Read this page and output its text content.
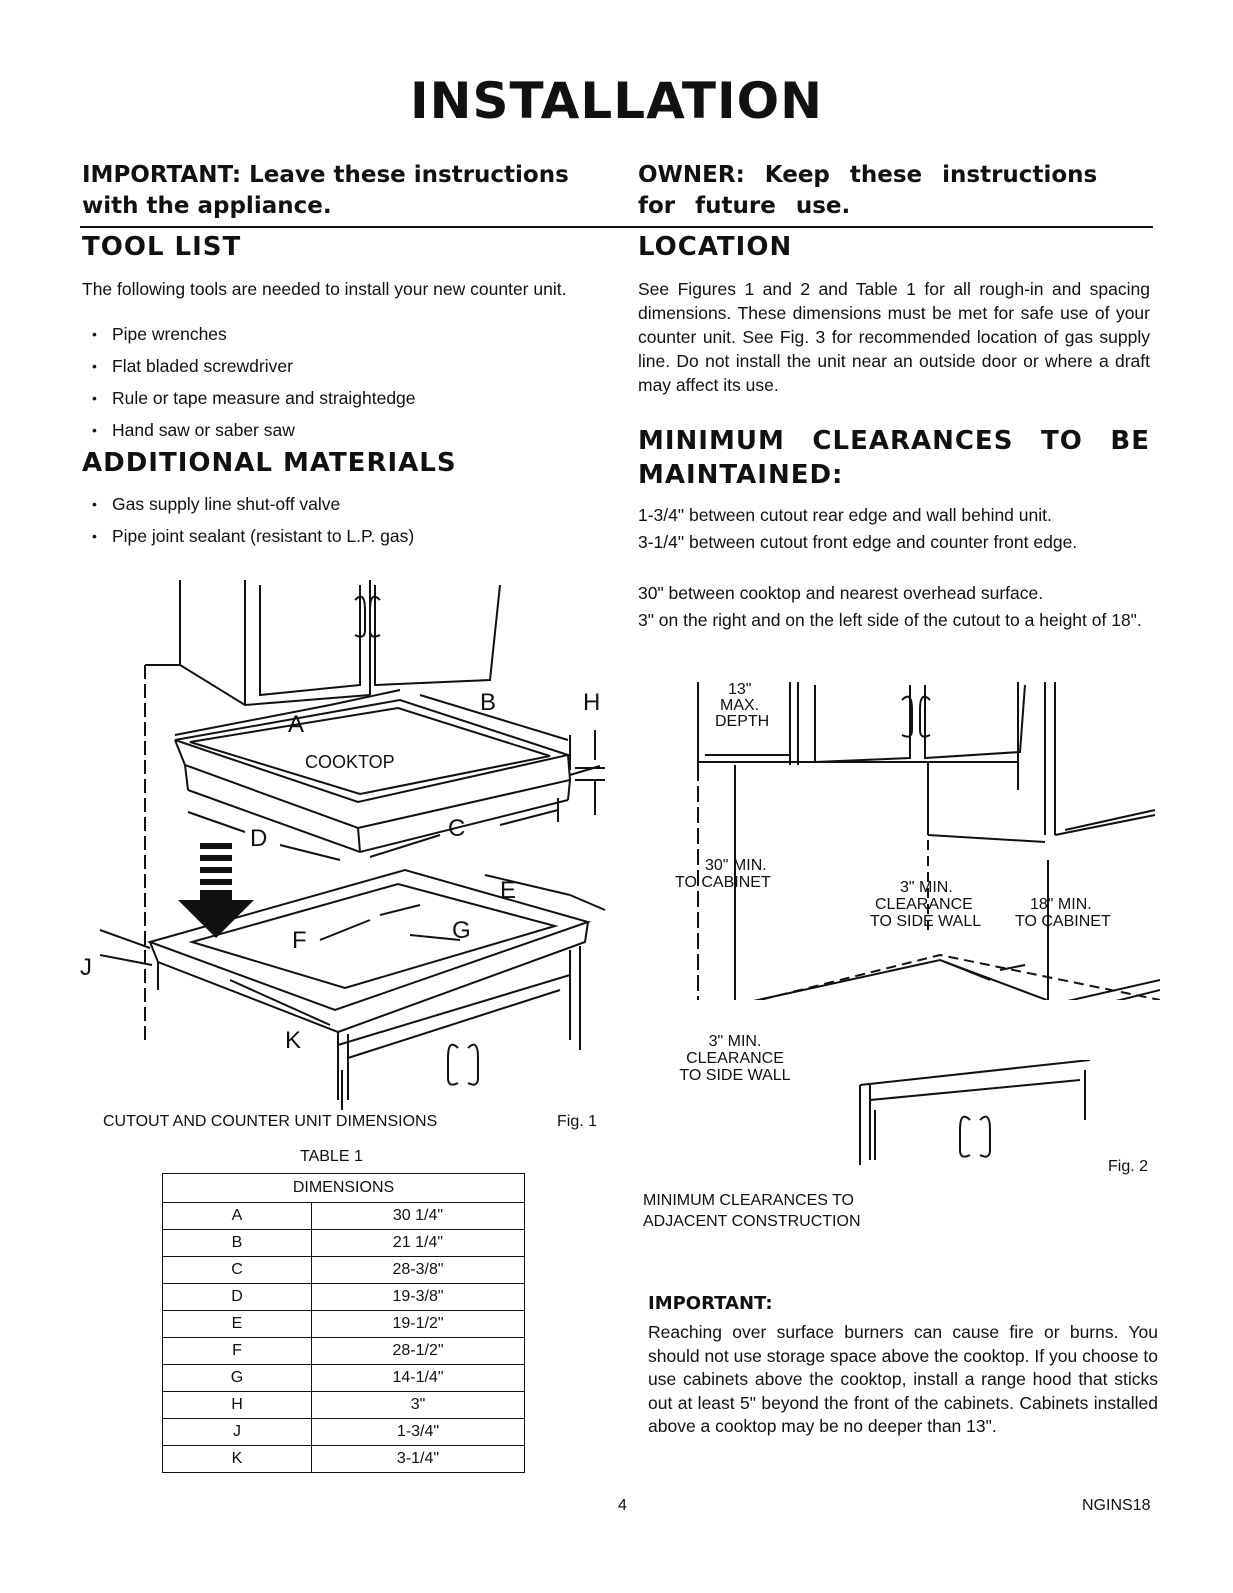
INSTALLATION
IMPORTANT: Leave these instructions with the appliance.
OWNER: Keep these instructions for future use.
TOOL LIST
The following tools are needed to install your new counter unit.
• Pipe wrenches
• Flat bladed screwdriver
• Rule or tape measure and straightedge
• Hand saw or saber saw
ADDITIONAL MATERIALS
• Gas supply line shut-off valve
• Pipe joint sealant (resistant to L.P. gas)
A
B	H
D	C
E
F	G
J
K
COOKTOP
CUTOUT AND COUNTER UNIT DIMENSIONS	Fig. 1
TABLE 1
DIMENSIONS	
A	30 1/4"
B	21 1/4"
C	28-3/8"
D	19-3/8"
E	19-1/2"
F	28-1/2"
G	14-1/4"
H	3"
J	1-3/4"
K	3-1/4"
LOCATION
See Figures 1 and 2 and Table 1 for all rough-in and spacing dimensions. These dimensions must be met for safe use of your counter unit. See Fig. 3 for recommended location of gas supply line. Do not install the unit near an outside door or where a draft may affect its use.
MINIMUM CLEARANCES TO BE
MAINTAINED:
1-3/4" between cutout rear edge and wall behind unit.
3-1/4" between cutout front edge and counter front edge.
30" between cooktop and nearest overhead surface.
3" on the right and on the left side of the cutout to a height of 18".
13"
MAX.
DEPTH
30" MIN.
TO CABINET	3" MIN.
CLEARANCE
TO SIDE WALL
18" MIN.
TO CABINET
3" MIN.
CLEARANCE
TO SIDE WALL
Fig. 2
MINIMUM CLEARANCES TO
ADJACENT CONSTRUCTION
IMPORTANT:
Reaching over surface burners can cause fire or burns. You should not use storage space above the cooktop. If you choose to use cabinets above the cooktop, install a range hood that sticks out at least 5" beyond the front of the cabinets. Cabinets installed above a cooktop may be no deeper than 13".
4	NGINS18
